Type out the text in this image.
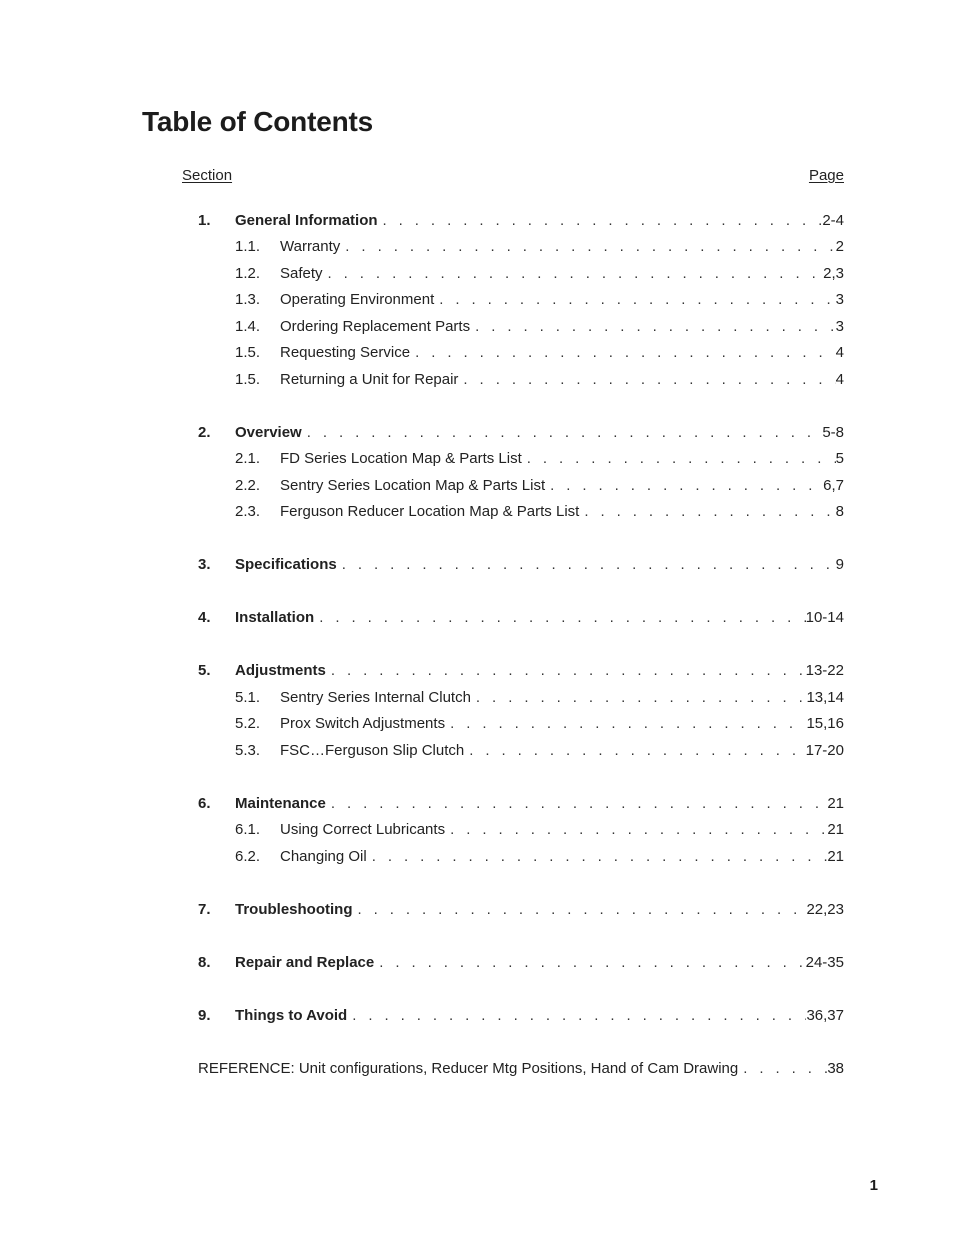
Table of Contents
Section	Page
1. General Information . . .	2-4
1.1. Warranty . . .	2
1.2. Safety . . .	2,3
1.3. Operating Environment . . .	3
1.4. Ordering Replacement Parts . . .	3
1.5. Requesting Service . . .	4
1.5. Returning a Unit for Repair . . .	4
2. Overview . . .	5-8
2.1. FD Series Location Map & Parts List . . .	5
2.2. Sentry Series Location Map & Parts List . . .	6,7
2.3. Ferguson Reducer Location Map & Parts List . . .	8
3. Specifications . . .	9
4. Installation . . .	10-14
5. Adjustments . . .	13-22
5.1. Sentry Series Internal Clutch . . .	13,14
5.2. Prox Switch Adjustments . . .	15,16
5.3. FSC…Ferguson Slip Clutch . . .	17-20
6. Maintenance . . .	21
6.1. Using Correct Lubricants . . .	21
6.2. Changing Oil . . .	21
7. Troubleshooting . . .	22,23
8. Repair and Replace . . .	24-35
9. Things to Avoid . . .	36,37
REFERENCE: Unit configurations, Reducer Mtg Positions, Hand of Cam Drawing . . .	38
1
